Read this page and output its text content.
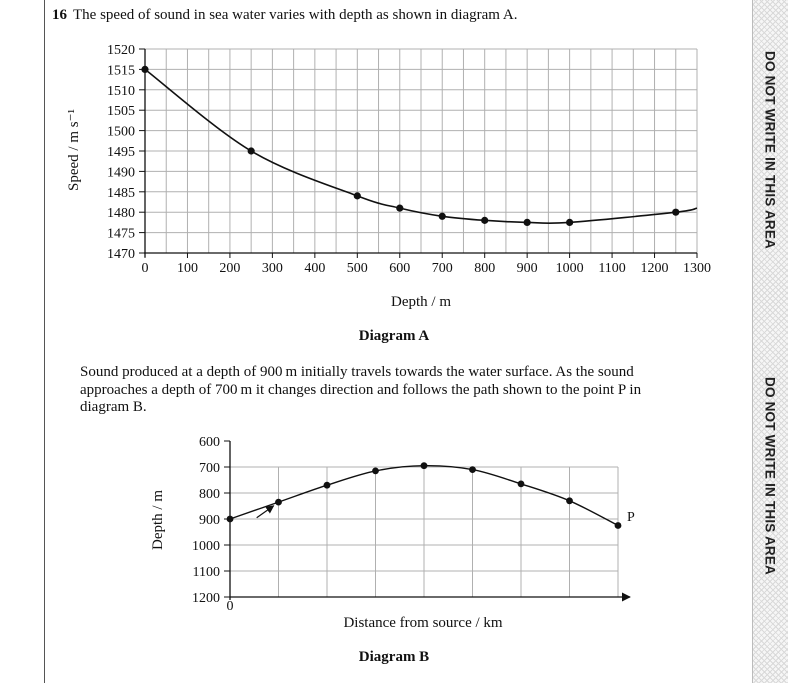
DO NOT WRITE IN THIS AREA
DO NOT WRITE IN THIS AREA
16 The speed of sound in sea water varies with depth as shown in diagram A.
Sound produced at a depth of 900 m initially travels towards the water surface. As the sound approaches a depth of 700 m it changes direction and follows the path shown to the point P in diagram B.
1470
1475
1480
1485
1490
1495
1500
1505
1510
1515
1520
0 100 200 300 400 500 600 700 800 900 1000 1100 1200 1300
Depth / m
Speed / m s⁻¹
Diagram A
600
700
800
900
1000
1100
1200
0
P
Distance from source / km
Depth / m
Diagram B
